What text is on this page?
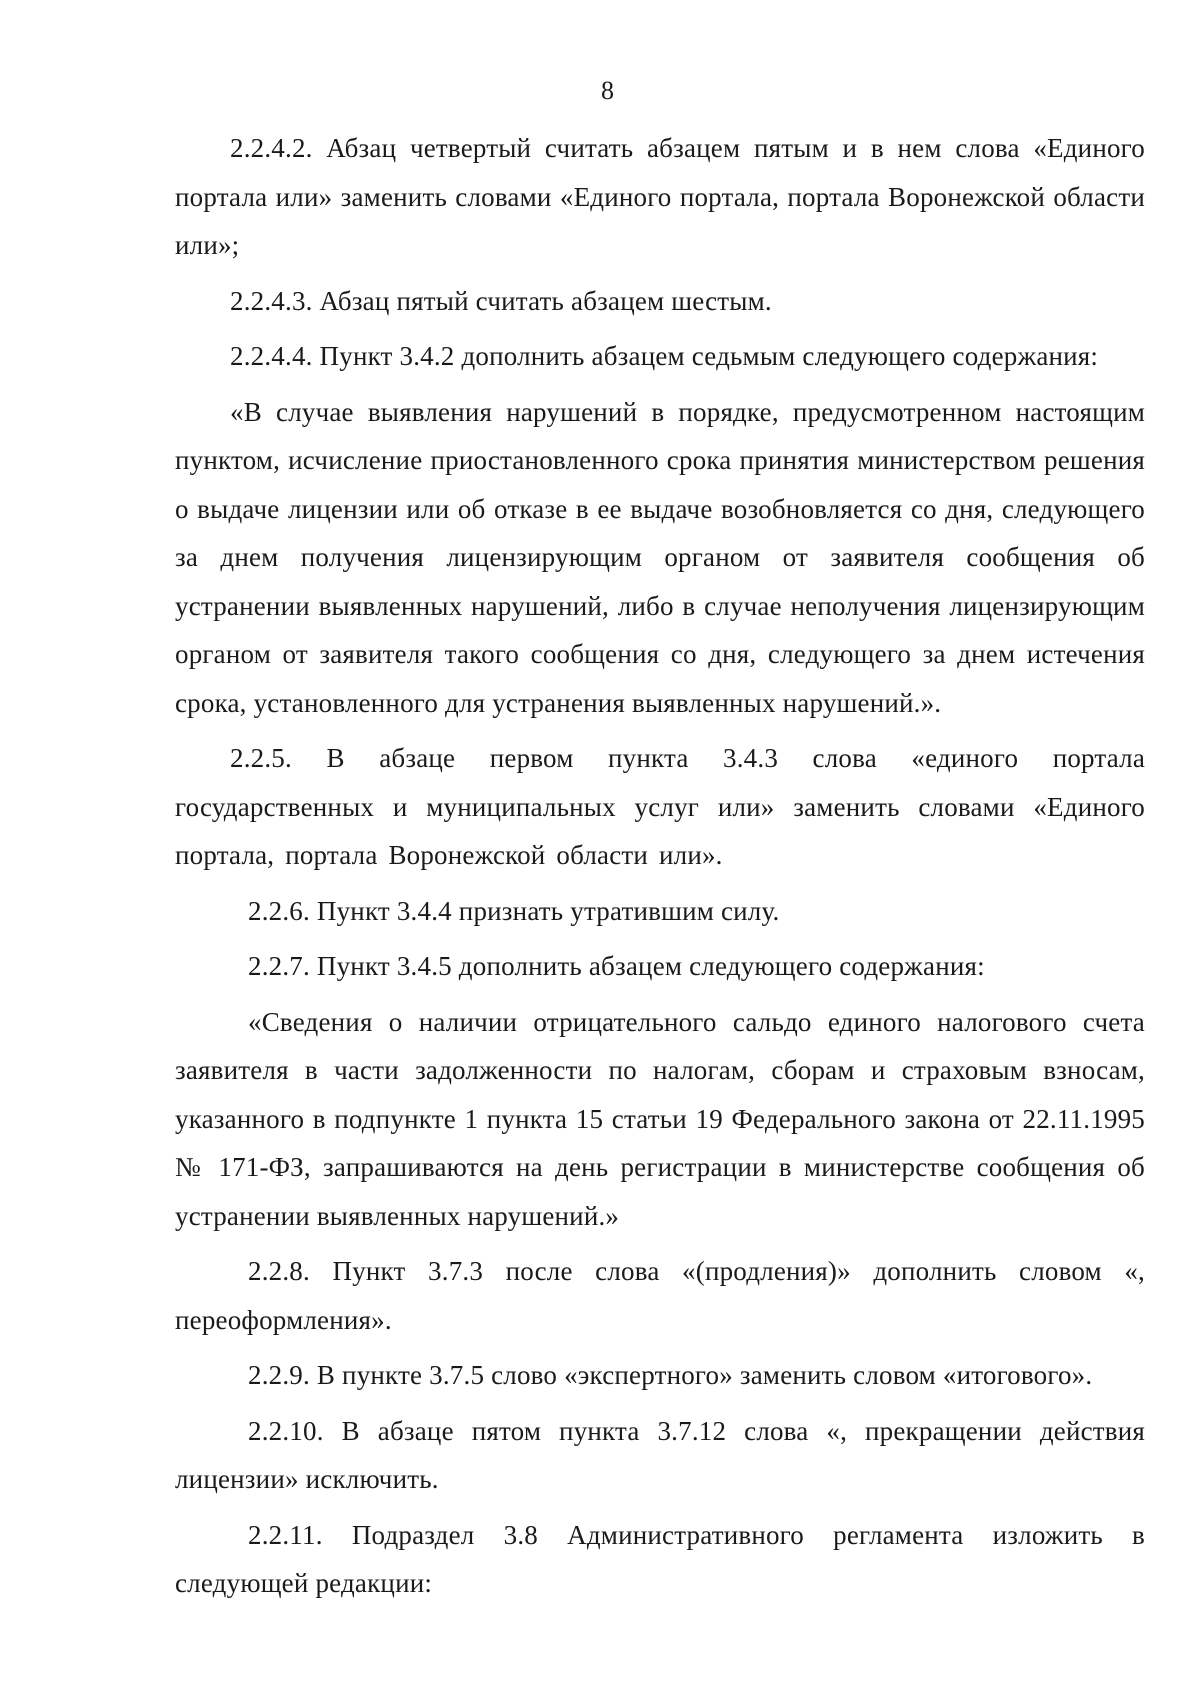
8

2.2.4.2. Абзац четвертый считать абзацем пятым и в нем слова «Единого портала или» заменить словами «Единого портала, портала Воронежской области или»;

2.2.4.3. Абзац пятый считать абзацем шестым.

2.2.4.4. Пункт 3.4.2 дополнить абзацем седьмым следующего содержания:

«В случае выявления нарушений в порядке, предусмотренном настоящим пунктом, исчисление приостановленного срока принятия министерством решения о выдаче лицензии или об отказе в ее выдаче возобновляется со дня, следующего за днем получения лицензирующим органом от заявителя сообщения об устранении выявленных нарушений, либо в случае неполучения лицензирующим органом от заявителя такого сообщения со дня, следующего за днем истечения срока, установленного для устранения выявленных нарушений.».

2.2.5. В абзаце первом пункта 3.4.3 слова «единого портала государственных и муниципальных услуг или» заменить словами «Единого портала, портала Воронежской области или».

2.2.6. Пункт 3.4.4 признать утратившим силу.

2.2.7. Пункт 3.4.5 дополнить абзацем следующего содержания:

«Сведения о наличии отрицательного сальдо единого налогового счета заявителя в части задолженности по налогам, сборам и страховым взносам, указанного в подпункте 1 пункта 15 статьи 19 Федерального закона от 22.11.1995 № 171-ФЗ, запрашиваются на день регистрации в министерстве сообщения об устранении выявленных нарушений.»

2.2.8. Пункт 3.7.3 после слова «(продления)» дополнить словом «, переоформления».

2.2.9. В пункте 3.7.5 слово «экспертного» заменить словом «итогового».

2.2.10. В абзаце пятом пункта 3.7.12 слова «, прекращении действия лицензии» исключить.

2.2.11. Подраздел 3.8 Административного регламента изложить в следующей редакции:
